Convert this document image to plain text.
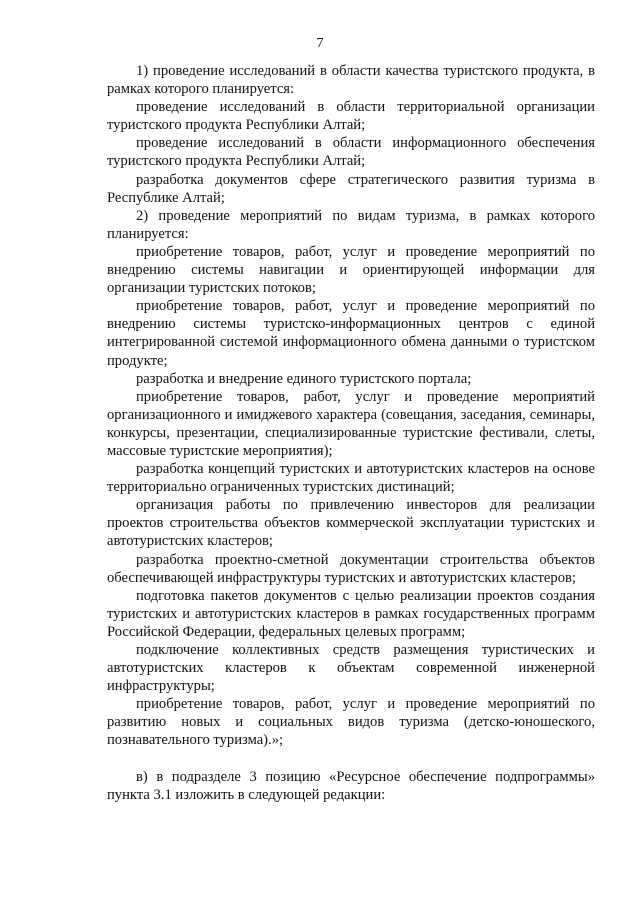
7

1) проведение исследований в области качества туристского продукта, в рамках которого планируется:

проведение исследований в области территориальной организации туристского продукта Республики Алтай;

проведение исследований в области информационного обеспечения туристского продукта Республики Алтай;

разработка документов сфере стратегического развития туризма в Республике Алтай;

2) проведение мероприятий по видам туризма, в рамках которого планируется:

приобретение товаров, работ, услуг и проведение мероприятий по внедрению системы навигации и ориентирующей информации для организации туристских потоков;

приобретение товаров, работ, услуг и проведение мероприятий по внедрению системы туристско-информационных центров с единой интегрированной системой информационного обмена данными о туристском продукте;

разработка и внедрение единого туристского портала;

приобретение товаров, работ, услуг и проведение мероприятий организационного и имиджевого характера (совещания, заседания, семинары, конкурсы, презентации, специализированные туристские фестивали, слеты, массовые туристские мероприятия);

разработка концепций туристских и автотуристских кластеров на основе территориально ограниченных туристских дистинаций;

организация работы по привлечению инвесторов для реализации проектов строительства объектов коммерческой эксплуатации туристских и автотуристских кластеров;

разработка проектно-сметной документации строительства объектов обеспечивающей инфраструктуры туристских и автотуристских кластеров;

подготовка пакетов документов с целью реализации проектов создания туристских и автотуристских кластеров в рамках государственных программ Российской Федерации, федеральных целевых программ;

подключение коллективных средств размещения туристических и автотуристских кластеров к объектам современной инженерной инфраструктуры;

приобретение товаров, работ, услуг и проведение мероприятий по развитию новых и социальных видов туризма (детско-юношеского, познавательного туризма).»;

в) в подразделе 3 позицию «Ресурсное обеспечение подпрограммы» пункта 3.1 изложить в следующей редакции:
